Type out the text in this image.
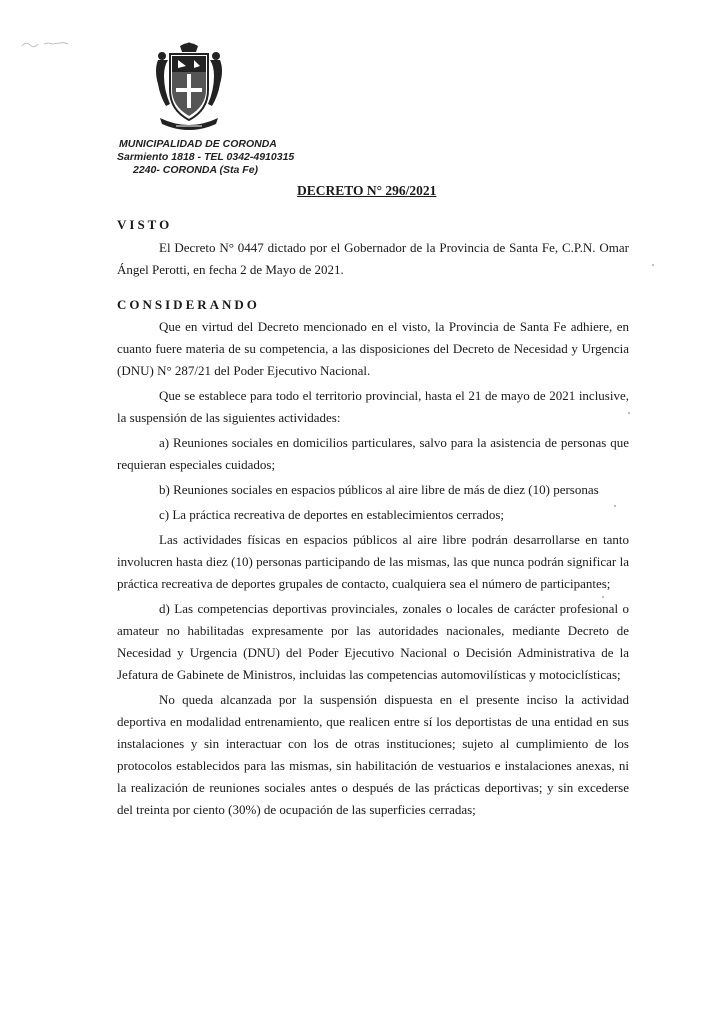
MUNICIPALIDAD DE CORONDA
Sarmiento 1818 - TEL 0342-4910315
2240- CORONDA (Sta Fe)
DECRETO N° 296/2021
VISTO

El Decreto N° 0447 dictado por el Gobernador de la Provincia de Santa Fe, C.P.N. Omar Ángel Perotti, en fecha 2 de Mayo de 2021.

CONSIDERANDO

Que en virtud del Decreto mencionado en el visto, la Provincia de Santa Fe adhiere, en cuanto fuere materia de su competencia, a las disposiciones del Decreto de Necesidad y Urgencia (DNU) N° 287/21 del Poder Ejecutivo Nacional.

Que se establece para todo el territorio provincial, hasta el 21 de mayo de 2021 inclusive, la suspensión de las siguientes actividades:

a) Reuniones sociales en domicilios particulares, salvo para la asistencia de personas que requieran especiales cuidados;

b) Reuniones sociales en espacios públicos al aire libre de más de diez (10) personas

c) La práctica recreativa de deportes en establecimientos cerrados;

Las actividades físicas en espacios públicos al aire libre podrán desarrollarse en tanto involucren hasta diez (10) personas participando de las mismas, las que nunca podrán significar la práctica recreativa de deportes grupales de contacto, cualquiera sea el número de participantes;

d) Las competencias deportivas provinciales, zonales o locales de carácter profesional o amateur no habilitadas expresamente por las autoridades nacionales, mediante Decreto de Necesidad y Urgencia (DNU) del Poder Ejecutivo Nacional o Decisión Administrativa de la Jefatura de Gabinete de Ministros, incluidas las competencias automovilísticas y motociclísticas;

No queda alcanzada por la suspensión dispuesta en el presente inciso la actividad deportiva en modalidad entrenamiento, que realicen entre sí los deportistas de una entidad en sus instalaciones y sin interactuar con los de otras instituciones; sujeto al cumplimiento de los protocolos establecidos para las mismas, sin habilitación de vestuarios e instalaciones anexas, ni la realización de reuniones sociales antes o después de las prácticas deportivas; y sin excederse del treinta por ciento (30%) de ocupación de las superficies cerradas;
